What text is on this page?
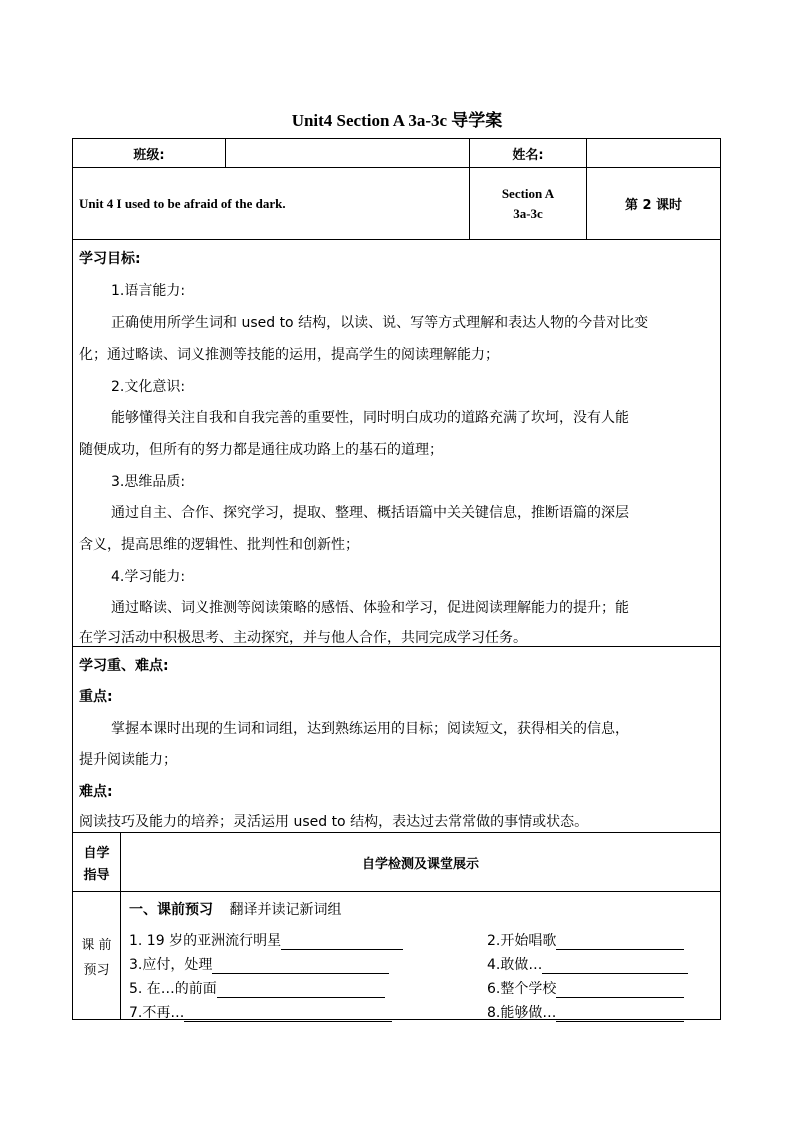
Unit4 Section A 3a-3c 导学案
班级:	姓名:
Unit 4 I used to be afraid of the dark.
Section A
3a-3c	第 2 课时
学习目标:
1.语言能力:
正确使用所学生词和 used to 结构，以读、说、写等方式理解和表达人物的今昔对比变
化；通过略读、词义推测等技能的运用，提高学生的阅读理解能力；
2.文化意识:
能够懂得关注自我和自我完善的重要性，同时明白成功的道路充满了坎坷，没有人能
随便成功，但所有的努力都是通往成功路上的基石的道理；
3.思维品质:
通过自主、合作、探究学习，提取、整理、概括语篇中关关键信息，推断语篇的深层
含义，提高思维的逻辑性、批判性和创新性；
4.学习能力:
通过略读、词义推测等阅读策略的感悟、体验和学习，促进阅读理解能力的提升；能
在学习活动中积极思考、主动探究，并与他人合作，共同完成学习任务。
学习重、难点:
重点:
掌握本课时出现的生词和词组，达到熟练运用的目标；阅读短文，获得相关的信息，
提升阅读能力；
难点:
阅读技巧及能力的培养；灵活运用 used to 结构，表达过去常常做的事情或状态。
自学
指导
自学检测及课堂展示
课 前
预习
一、课前预习 翻译并读记新词组
1. 19 岁的亚洲流行明星	2.开始唱歌
3.应付，处理	4.敢做…
5. 在…的前面	6.整个学校
7.不再…	8.能够做…
